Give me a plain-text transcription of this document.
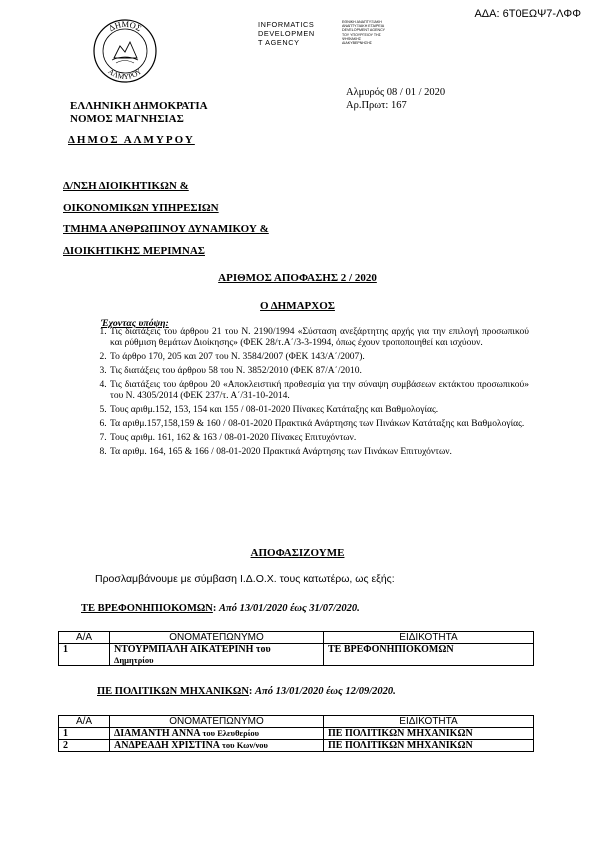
ΑΔΑ: 6Τ0ΕΩΨ7-ΛΦΦ
ΔΗΜΟΣ
ΑΛΜΥΡΟΥ
INFORMATICS
DEVELOPMEN
T AGENCY
ΕΘΝΙΚΗ ΑΝΑΠΤΥΞΙΑΚΗ
ΑΝΑΠΤΥΞΙΑΚΗ ΕΤΑΙΡΕΙΑ
DEVELOPMENT AGENCY
ΤΟΥ ΥΠΟΥΡΓΕΙΟΥ ΤΗΣ
ΨΗΦΙΑΚΗΣ
ΔΙΑΚΥΒΕΡΝΗΣΗΣ
Αλμυρός 08 / 01 / 2020
Αρ.Πρωτ: 167
ΕΛΛΗΝΙΚΗ ΔΗΜΟΚΡΑΤΙΑ
ΝΟΜΟΣ ΜΑΓΝΗΣΙΑΣ
ΔΗΜΟΣ ΑΛΜΥΡΟΥ
Δ/ΝΣΗ ΔΙΟΙΚΗΤΙΚΩΝ &
ΟΙΚΟΝΟΜΙΚΩΝ ΥΠΗΡΕΣΙΩΝ
ΤΜΗΜΑ ΑΝΘΡΩΠΙΝΟΥ ΔΥΝΑΜΙΚΟΥ &
ΔΙΟΙΚΗΤΙΚΗΣ ΜΕΡΙΜΝΑΣ
ΑΡΙΘΜΟΣ ΑΠΟΦΑΣΗΣ 2 / 2020
Ο ΔΗΜΑΡΧΟΣ
Έχοντας υπόψη:
1. Τις διατάξεις του άρθρου 21 του Ν. 2190/1994 «Σύσταση ανεξάρτητης αρχής για την επιλογή προσωπικού και ρύθμιση θεμάτων Διοίκησης» (ΦΕΚ 28/τ.Α΄/3-3-1994, όπως έχουν τροποποιηθεί και ισχύουν.
2. Το άρθρο 170, 205 και 207 του Ν. 3584/2007 (ΦΕΚ 143/Α΄/2007).
3. Τις διατάξεις του άρθρου 58 του Ν. 3852/2010 (ΦΕΚ 87/Α΄/2010.
4. Τις διατάξεις του άρθρου 20 «Αποκλειστική προθεσμία για την σύναψη συμβάσεων εκτάκτου προσωπικού» του Ν. 4305/2014 (ΦΕΚ 237/τ. Α΄/31-10-2014.
5. Τους αριθμ.152, 153, 154 και 155 / 08-01-2020 Πίνακες Κατάταξης και Βαθμολογίας.
6. Τα αριθμ.157,158,159 & 160 / 08-01-2020 Πρακτικά Ανάρτησης των Πινάκων Κατάταξης και Βαθμολογίας.
7. Τους αριθμ. 161, 162 & 163 / 08-01-2020 Πίνακες Επιτυχόντων.
8. Τα αριθμ. 164, 165 & 166 / 08-01-2020 Πρακτικά Ανάρτησης των Πινάκων Επιτυχόντων.
ΑΠΟΦΑΣΙΖΟΥΜΕ
Προσλαμβάνουμε με σύμβαση Ι.Δ.Ο.Χ. τους κατωτέρω, ως εξής:
ΤΕ ΒΡΕΦΟΝΗΠΙΟΚΟΜΩΝ: Από 13/01/2020 έως 31/07/2020.
Α/Α	ΟΝΟΜΑΤΕΠΩΝΥΜΟ	ΕΙΔΙΚΟΤΗΤΑ
1	ΝΤΟΥΡΜΠΑΛΗ ΑΙΚΑΤΕΡΙΝΗ του
Δημητρίου	ΤΕ ΒΡΕΦΟΝΗΠΙΟΚΟΜΩΝ
ΠΕ ΠΟΛΙΤΙΚΩΝ ΜΗΧΑΝΙΚΩΝ: Από 13/01/2020 έως 12/09/2020.
Α/Α	ΟΝΟΜΑΤΕΠΩΝΥΜΟ	ΕΙΔΙΚΟΤΗΤΑ
1	ΔΙΑΜΑΝΤΗ ΑΝΝΑ του Ελευθερίου	ΠΕ ΠΟΛΙΤΙΚΩΝ ΜΗΧΑΝΙΚΩΝ
2	ΑΝΔΡΕΑΔΗ ΧΡΙΣΤΙΝΑ του Κων/νου	ΠΕ ΠΟΛΙΤΙΚΩΝ ΜΗΧΑΝΙΚΩΝ
